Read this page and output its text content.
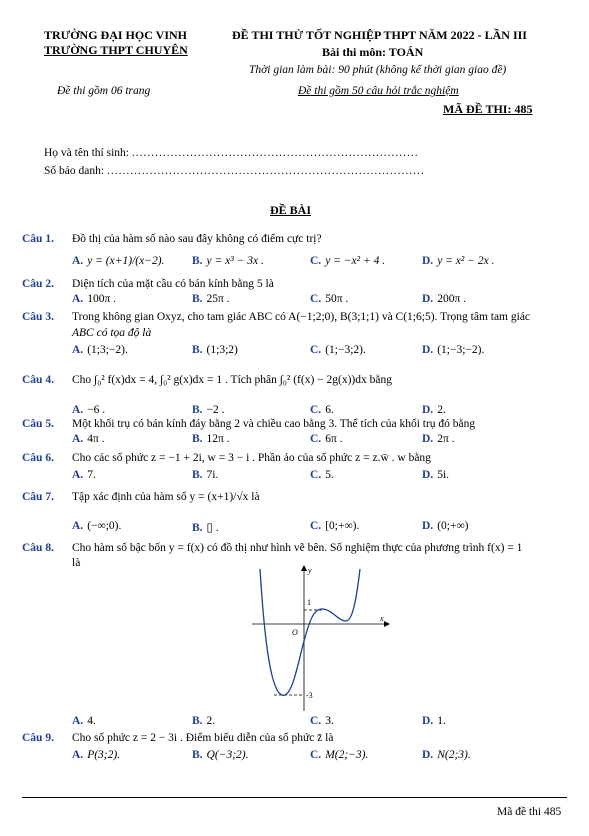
TRƯỜNG ĐẠI HỌC VINH
TRƯỜNG THPT CHUYÊN
ĐỀ THI THỬ TỐT NGHIỆP THPT NĂM 2022 - LẦN III
Bài thi môn: TOÁN
Thời gian làm bài: 90 phút (không kể thời gian giao đề)
Đề thi gồm 06 trang	Đề thi gồm 50 câu hỏi trắc nghiệm
MÃ ĐỀ THI: 485
Họ và tên thí sinh: ..........................................................................
Số báo danh: ..................................................................................
ĐỀ BÀI
Câu 1. Đồ thị của hàm số nào sau đây không có điểm cực trị?
A. y = (x+1)/(x−2). B. y = x³ − 3x .	C. y = −x² + 4 .	D. y = x² − 2x .
Câu 2. Diện tích của mặt cầu có bán kính bằng 5 là
A. 100π .	B. 25π .	C. 50π .	D. 200π .
Câu 3. Trong không gian Oxyz, cho tam giác ABC có A(−1;2;0), B(3;1;1) và C(1;6;5). Trọng tâm tam giác
ABC có tọa độ là
A. (1;3;−2).	B. (1;3;2)	C. (1;−3;2).	D. (1;−3;−2).
Câu 4. Cho ∫₀² f(x)dx = 4, ∫₀² g(x)dx = 1 . Tích phân ∫₀² (f(x) − 2g(x))dx bằng
A. −6 .	B. −2 .	C. 6.	D. 2.
Câu 5. Một khối trụ có bán kính đáy bằng 2 và chiều cao bằng 3. Thể tích của khối trụ đó bằng
A. 4π .	B. 12π .	C. 6π .	D. 2π .
Câu 6. Cho các số phức z = −1 + 2i, w = 3 − i . Phần ảo của số phức z = z.w̄ . w bằng
A. 7.	B. 7i.	C. 5.	D. 5i.
Câu 7. Tập xác định của hàm số y = (x+1)/√x là
A. (−∞;0).	B. ▯ .	C. [0;+∞).	D. (0;+∞)
Câu 8. Cho hàm số bậc bốn y = f(x) có đồ thị như hình vẽ bên. Số nghiệm thực của phương trình f(x) = 1
là
y
x
O
1
-3
A. 4.	B. 2.	C. 3.	D. 1.
Câu 9. Cho số phức z = 2 − 3i . Điểm biểu diễn của số phức z̄ là
A. P(3;2).	B. Q(−3;2).	C. M(2;−3).	D. N(2;3).
Mã đề thi 485
